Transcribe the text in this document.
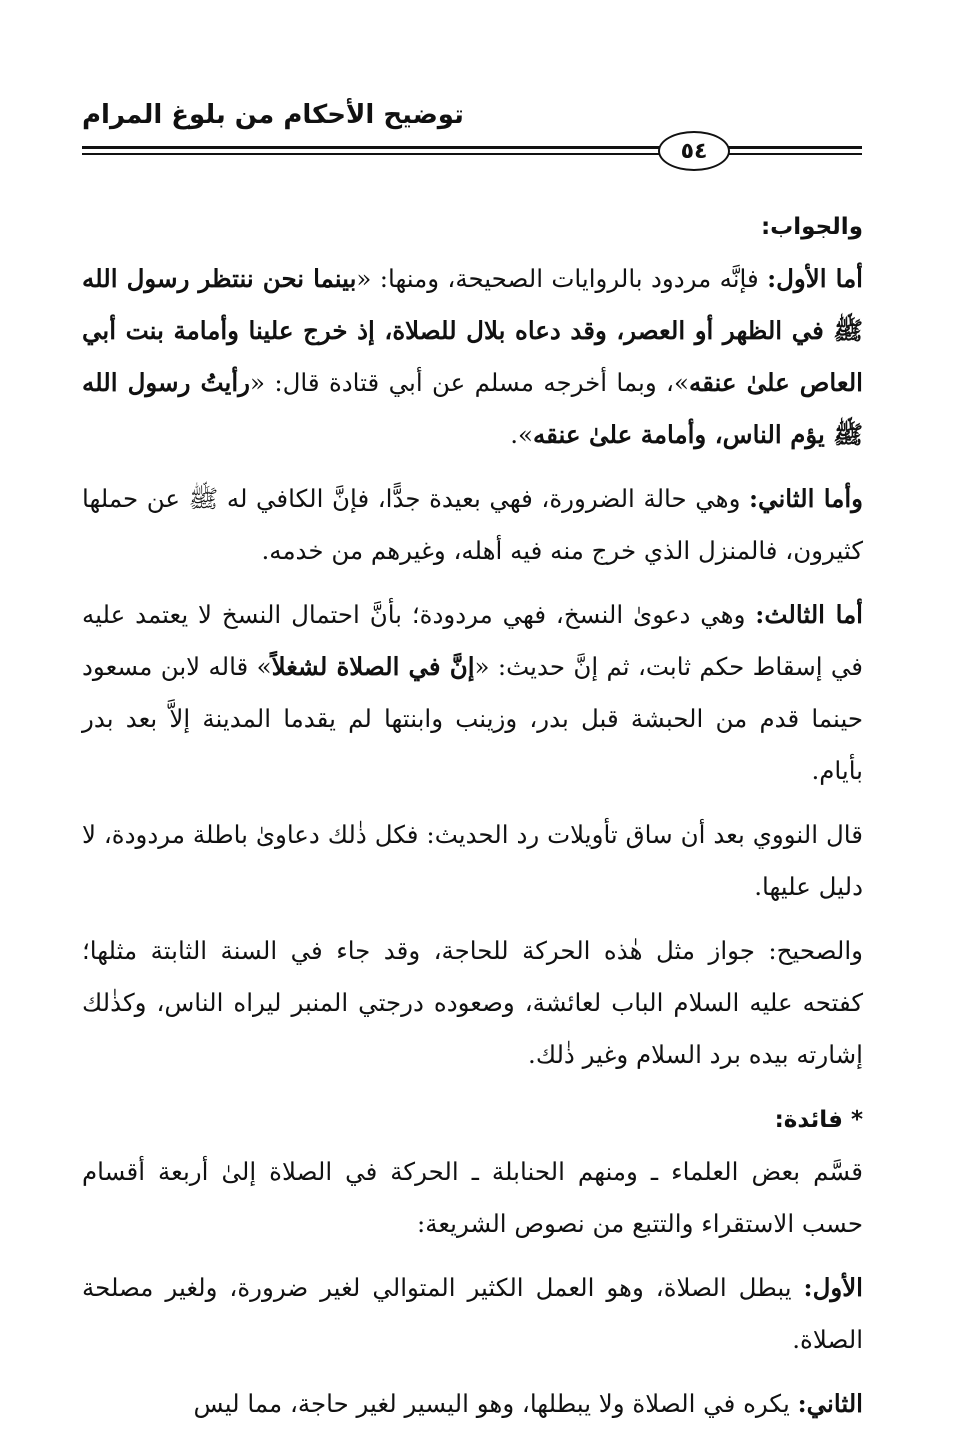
توضيح الأحكام من بلوغ المرام
٥٤

والجواب:

أما الأول: فإنَّه مردود بالروايات الصحيحة، ومنها: «بينما نحن ننتظر رسول الله ﷺ في الظهر أو العصر، وقد دعاه بلال للصلاة، إذ خرج علينا وأمامة بنت أبي العاص علىٰ عنقه»، وبما أخرجه مسلم عن أبي قتادة قال: «رأيتُ رسول الله ﷺ يؤم الناس، وأمامة علىٰ عنقه».

وأما الثاني: وهي حالة الضرورة، فهي بعيدة جدًّا، فإنَّ الكافي له ﷺ عن حملها كثيرون، فالمنزل الذي خرج منه فيه أهله، وغيرهم من خدمه.

أما الثالث: وهي دعوىٰ النسخ، فهي مردودة؛ بأنَّ احتمال النسخ لا يعتمد عليه في إسقاط حكم ثابت، ثم إنَّ حديث: «إنَّ في الصلاة لشغلاً» قاله لابن مسعود حينما قدم من الحبشة قبل بدر، وزينب وابنتها لم يقدما المدينة إلاَّ بعد بدر بأيام.

قال النووي بعد أن ساق تأويلات رد الحديث: فكل ذٰلك دعاوىٰ باطلة مردودة، لا دليل عليها.

والصحيح: جواز مثل هٰذه الحركة للحاجة، وقد جاء في السنة الثابتة مثلها؛ كفتحه عليه السلام الباب لعائشة، وصعوده درجتي المنبر ليراه الناس، وكذٰلك إشارته بيده برد السلام وغير ذٰلك.

* فائدة:

قسَّم بعض العلماء ـ ومنهم الحنابلة ـ الحركة في الصلاة إلىٰ أربعة أقسام حسب الاستقراء والتتبع من نصوص الشريعة:

الأول: يبطل الصلاة، وهو العمل الكثير المتوالي لغير ضرورة، ولغير مصلحة الصلاة.

الثاني: يكره في الصلاة ولا يبطلها، وهو اليسير لغير حاجة، مما ليس
